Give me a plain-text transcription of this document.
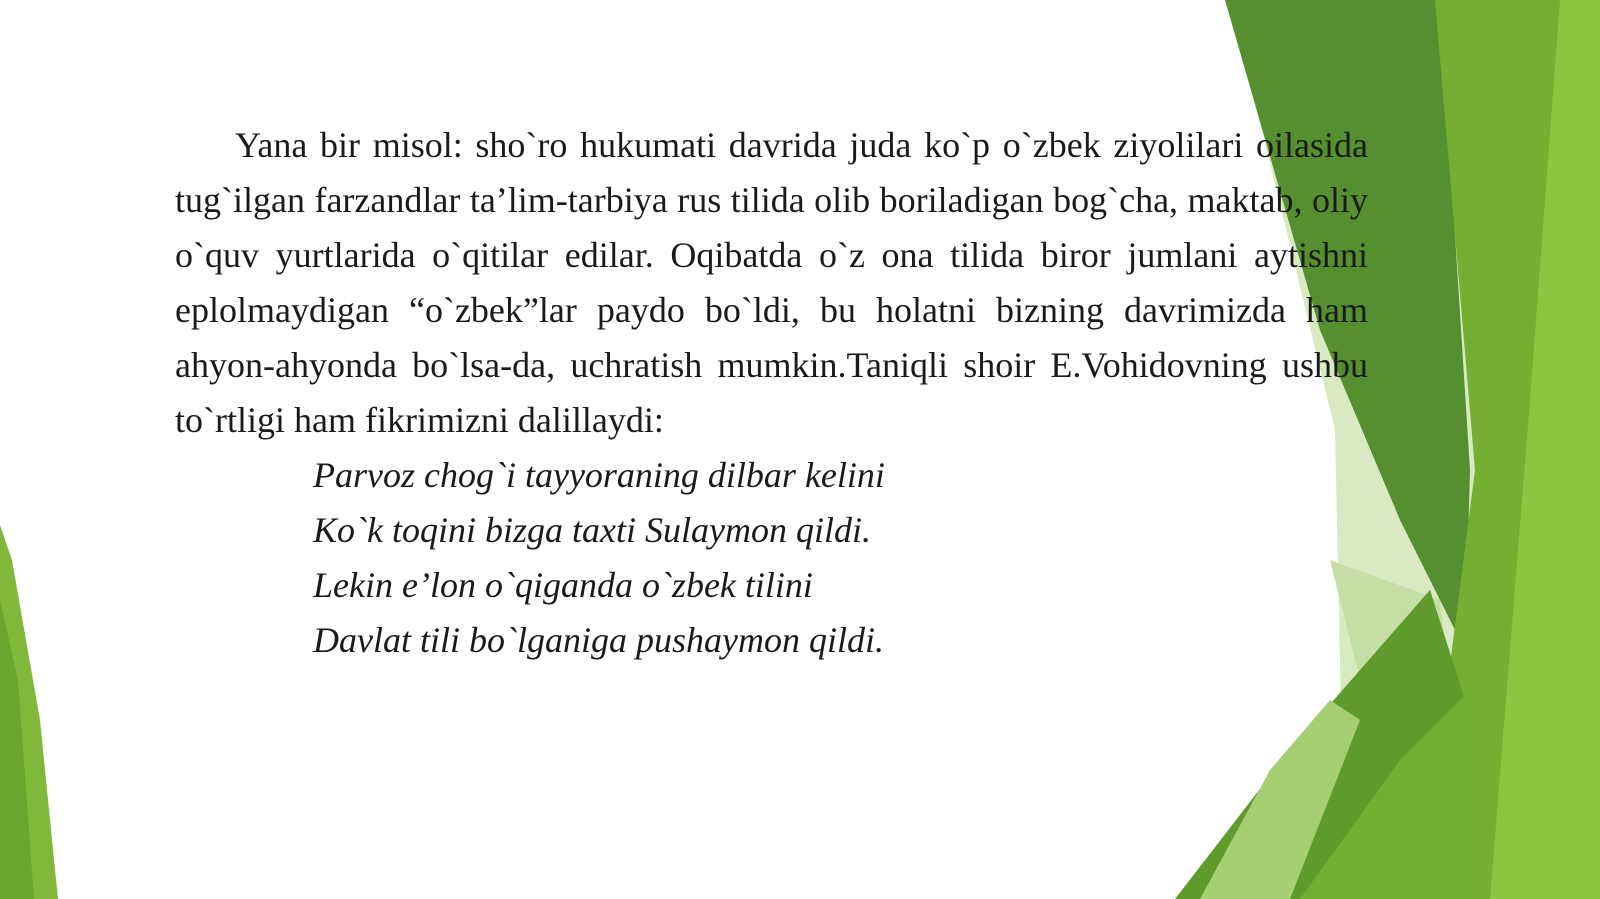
Yana bir misol: sho`ro hukumati davrida juda ko`p o`zbek ziyolilari oilasida tug`ilgan farzandlar ta’lim-tarbiya rus tilida olib boriladigan bog`cha, maktab, oliy o`quv yurtlarida o`qitilar edilar. Oqibatda o`z ona tilida biror jumlani aytishni eplolmaydigan “o`zbek”lar paydo bo`ldi, bu holatni bizning davrimizda ham ahyon-ahyonda bo`lsa-da, uchratish mumkin.Taniqli shoir E.Vohidovning ushbu to`rtligi ham fikrimizni dalillaydi:

Parvoz chog`i tayyoraning dilbar kelini
Ko`k toqini bizga taxti Sulaymon qildi.
Lekin e’lon o`qiganda o`zbek tilini
Davlat tili bo`lganiga pushaymon qildi.
